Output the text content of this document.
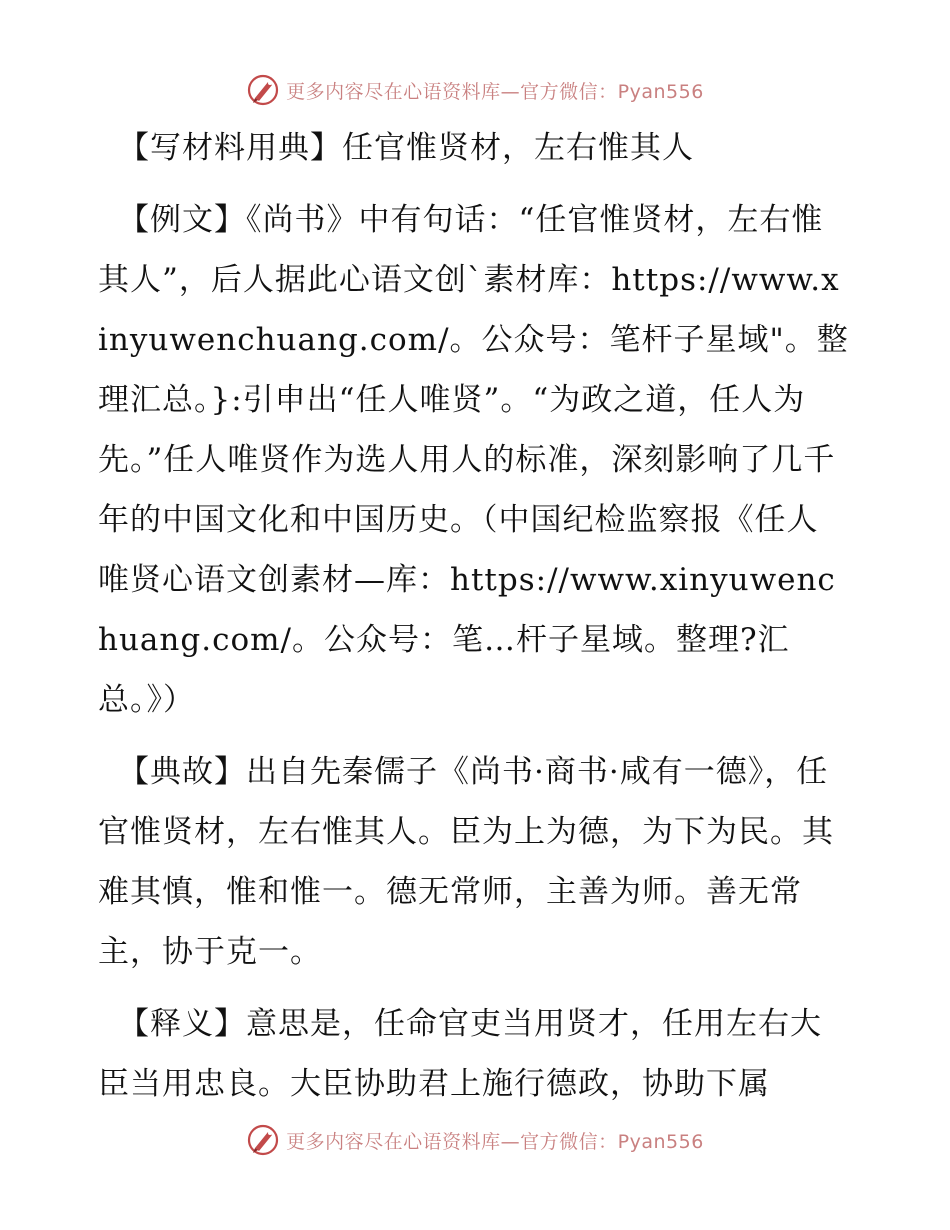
更多内容尽在心语资料库—官方微信：Pyan556
【写材料用典】任官惟贤材，左右惟其人

【例文】《尚书》中有句话：“任官惟贤材，左右惟其人”，后人据此心语文创`素材库：https://www.xinyuwenchuang.com/。公众号：笔杆子星域"。整理汇总。}:引申出“任人唯贤”。“为政之道，任人为先。”任人唯贤作为选人用人的标准，深刻影响了几千年的中国文化和中国历史。（中国纪检监察报《任人唯贤心语文创素材—库：https://www.xinyuwenchuang.com/。公众号：笔…杆子星域。整理?汇总。》）

【典故】出自先秦儒子《尚书·商书·咸有一德》，任官惟贤材，左右惟其人。臣为上为德，为下为民。其难其慎，惟和惟一。德无常师，主善为师。善无常主，协于克一。

【释义】意思是，任命官吏当用贤才，任用左右大臣当用忠良。大臣协助君上施行德政，协助下属

更多内容尽在心语资料库—官方微信：Pyan556
